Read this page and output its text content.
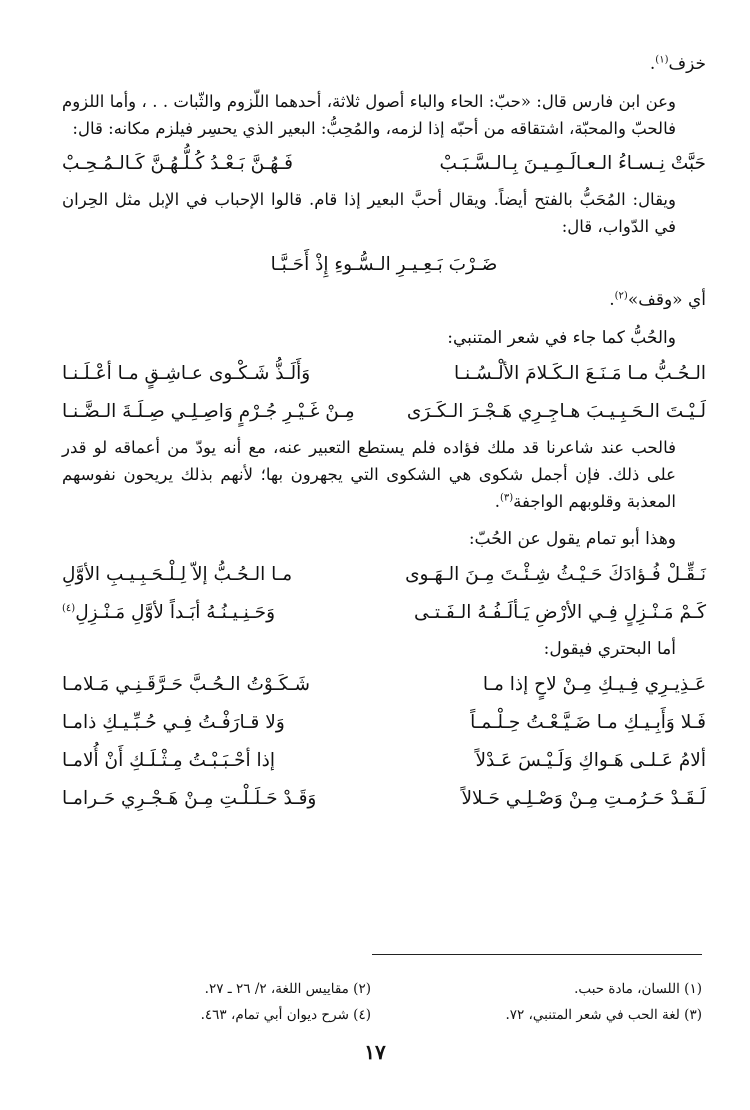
خزف$^{(١)}$.
وعن ابن فارس قال: «حبّ: الحاء والباء أصول ثلاثة، أحدهما اللّزوم والثّبات . . ، وأما اللزوم فالحبّ والمحبّة، اشتقاقه من أحبّه إذا لزمه، والمُحِبُّ: البعير الذي يحسِر فيلزم مكانه: قال:
حَبَّتْ نِـسـاءُ الـعـالَـمِـيـنَ بِـالـسَّـبَـبْ
فَـهُـنَّ بَـعْـدُ كُـلُّـهُـنَّ كَـالـمُـحِـبْ
ويقال: المُحَبُّ بالفتح أيضاً. ويقال أحبَّ البعير إذا قام. قالوا الإحباب في الإبل مثل الحِران في الدّواب، قال:
ضَـرْبَ بَـعِـيـرِ الـسُّـوءِ إِذْ أَحَـبَّـا
أي «وقف»$^{(٢)}$.
والحُبُّ كما جاء في شعر المتنبي:
الـحُـبُّ مـا مَـنَـعَ الـكَـلامَ الألْـسُـنـا
وَأَلَـذُّ شَـكْـوى عـاشِـقٍ مـا أعْـلَـنـا
لَـيْـتَ الـحَـبِـيـبَ هـاجِـرِي هَـجْـرَ الـكَـرَى
مِـنْ غَـيْـرِ جُـرْمٍ وَاصِـلِـي صِـلَـةَ الـضَّـنـا
فالحب عند شاعرنا قد ملك فؤاده فلم يستطع التعبير عنه، مع أنه يودّ من أعماقه لو قدر على ذلك. فإن أجمل شكوى هي الشكوى التي يجهرون بها؛ لأنهم بذلك يريحون نفوسهم المعذبة وقلوبهم الواجفة$^{(٣)}$.
وهذا أبو تمام يقول عن الحُبّ:
نَـقِّـلْ فُـؤادَكَ حَـيْـثُ شِـئْـتَ مِـنَ الـهَـوى
مـا الـحُـبُّ إلاّ لِـلْـحَـبِـيـبِ الأوَّلِ
كَـمْ مَـنْـزِلٍ فِـي الأرْضِ يَـألَـفُـهُ الـفَـتـى
وَحَـنِـيـنُـهُ أبَـداً لأوَّلِ مَـنْـزِلِ$^{(٤)}$
أما البحتري فيقول:
عَـذِيـرِي فِـيـكِ مِـنْ لاحٍ إذا مـا
شَـكَـوْتُ الـحُـبَّ حَـرَّقَـنِـي مَـلامـا
فَـلا وَأَبِـيـكِ مـا ضَـيَّـعْـتُ حِـلْـمـاً
وَلا قـارَفْـتُ فِـي حُـبِّـيـكِ ذامـا
ألامُ عَـلـى هَـواكِ وَلَـيْـسَ عَـدْلاً
إذا أحْـبَـبْـتُ مِـثْـلَـكِ أَنْ أُلامـا
لَـقَـدْ حَـرُمـتِ مِـنْ وَصْـلِـي حَـلالاً
وَقَـدْ حَـلَـلْـتِ مِـنْ هَـجْـرِي حَـرامـا
(١) اللسان، مادة حبب.
(٢) مقاييس اللغة، ٢/ ٢٦ ـ ٢٧.
(٣) لغة الحب في شعر المتنبي، ٧٢.
(٤) شرح ديوان أبي تمام، ٤٦٣.
١٧
